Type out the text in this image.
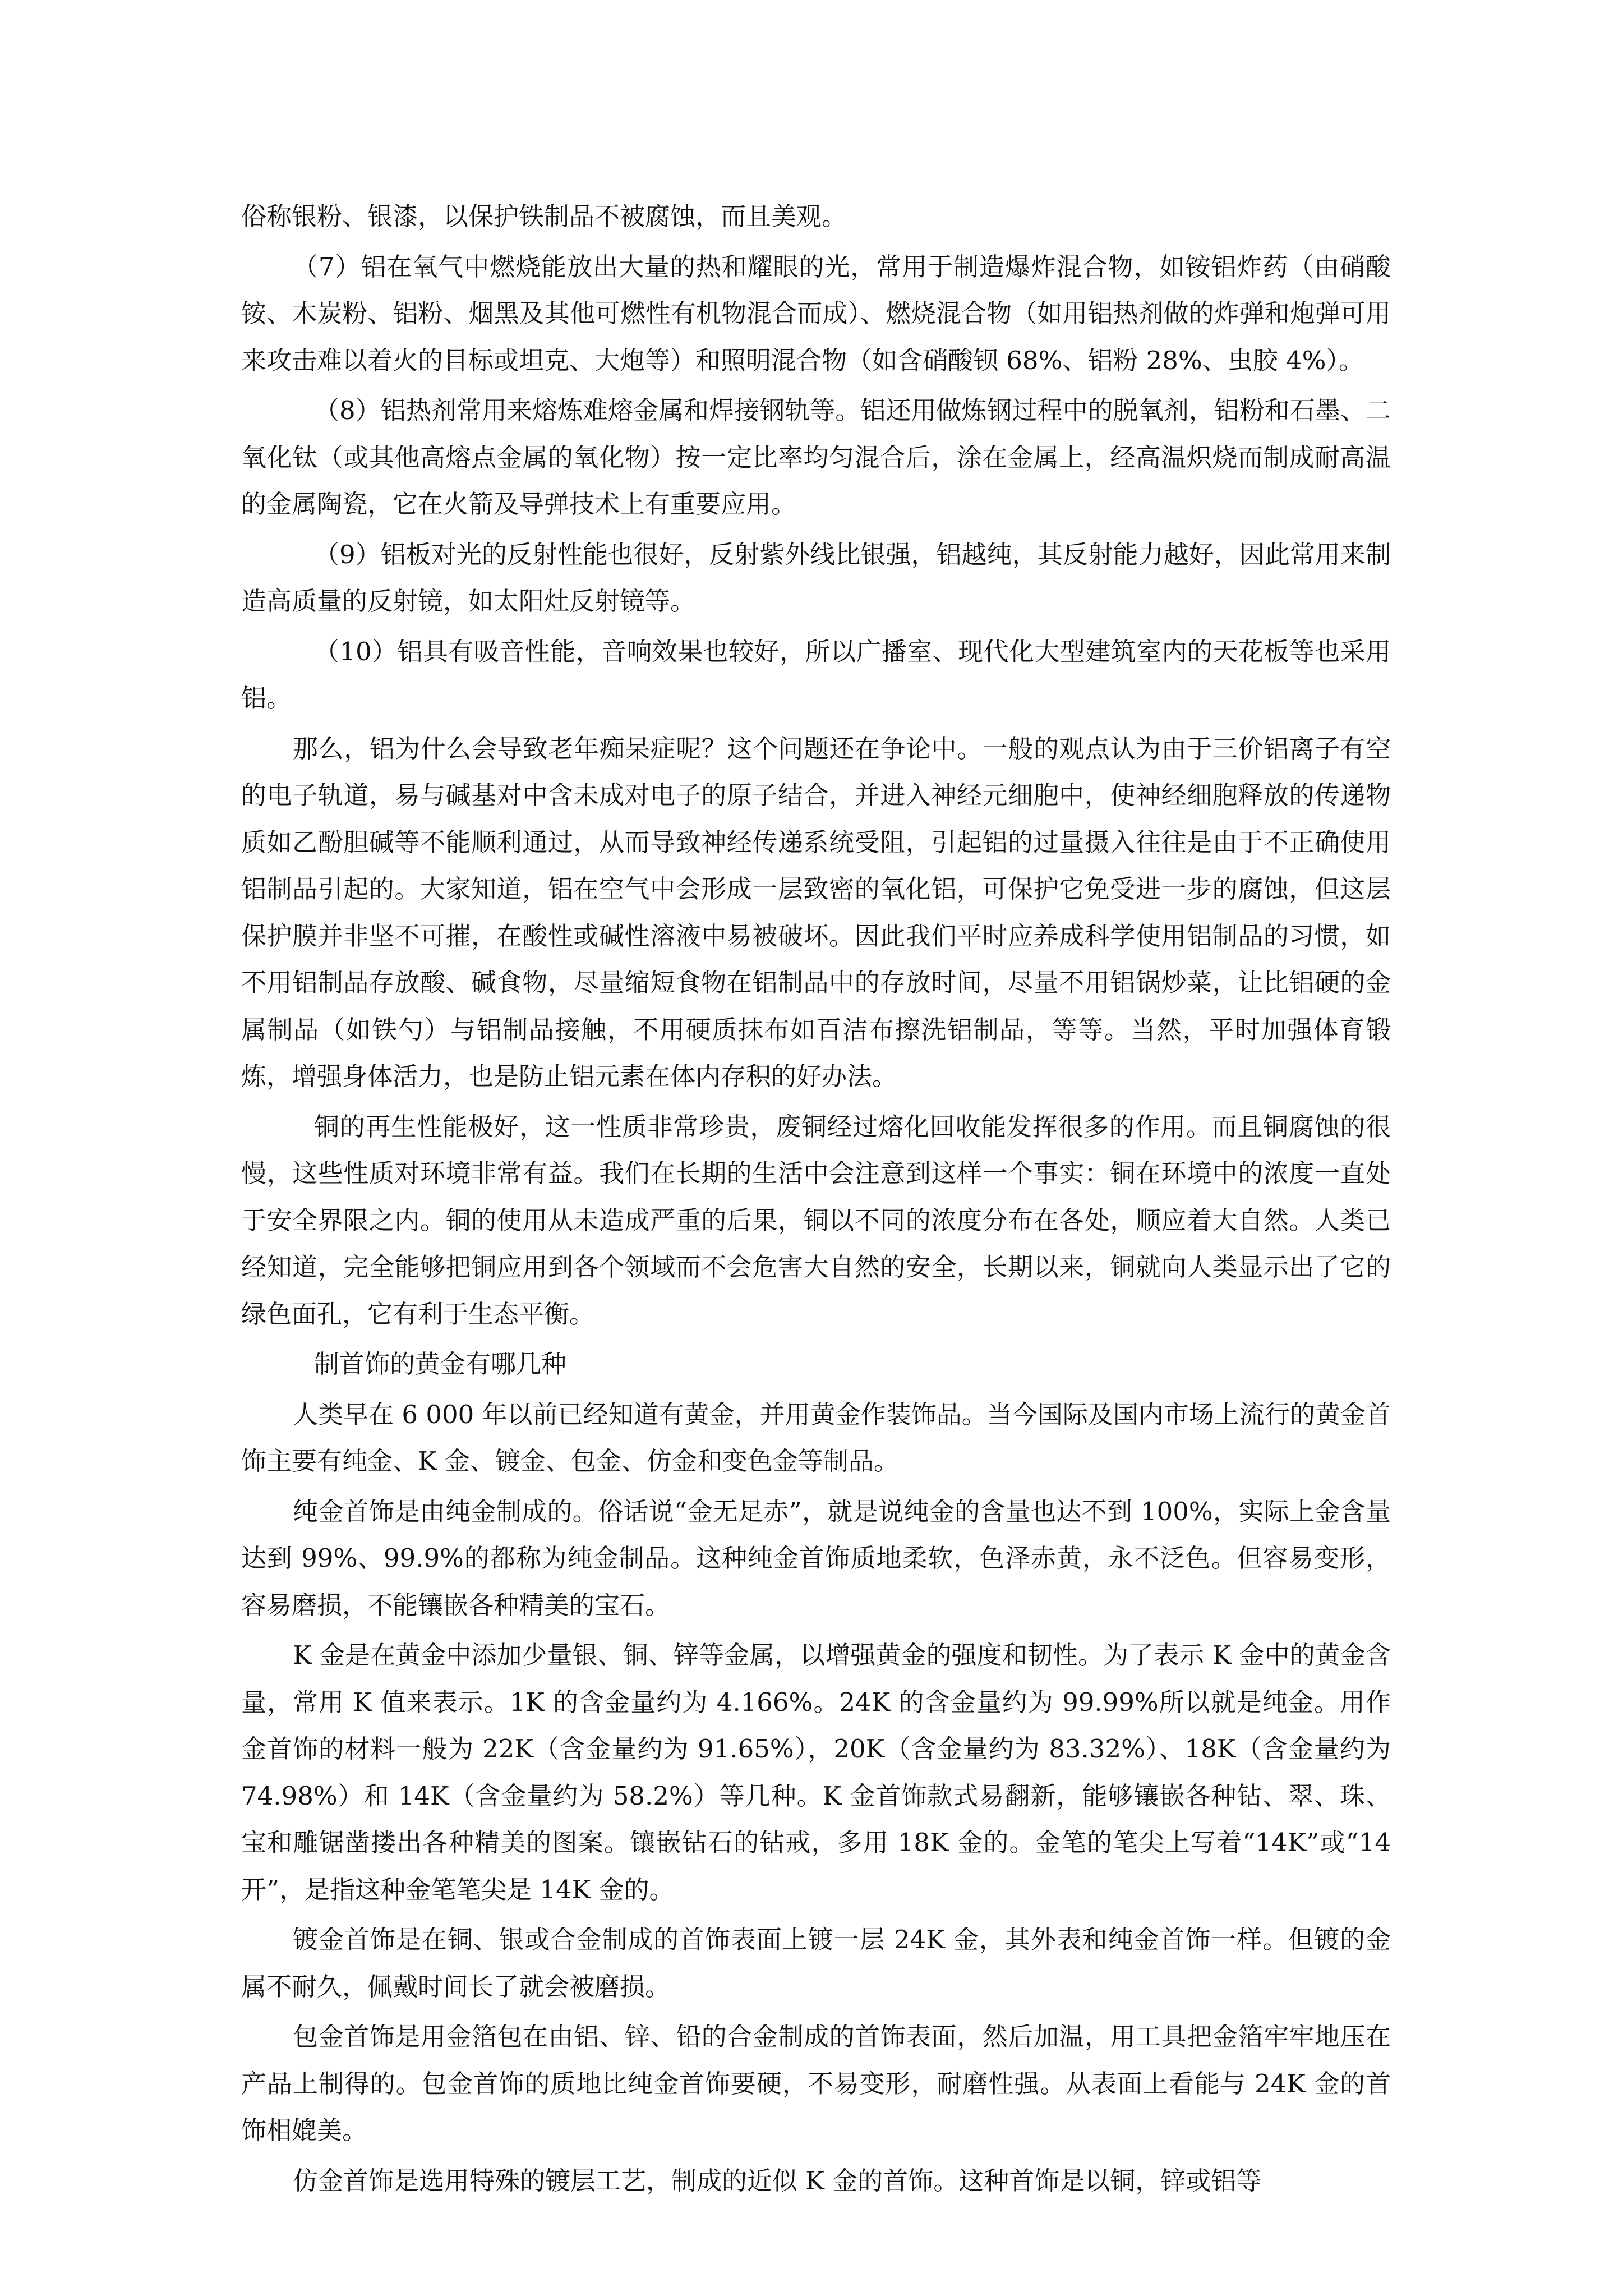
俗称银粉、银漆，以保护铁制品不被腐蚀，而且美观。

（7）铝在氧气中燃烧能放出大量的热和耀眼的光，常用于制造爆炸混合物，如铵铝炸药（由硝酸铵、木炭粉、铝粉、烟黑及其他可燃性有机物混合而成）、燃烧混合物（如用铝热剂做的炸弹和炮弹可用来攻击难以着火的目标或坦克、大炮等）和照明混合物（如含硝酸钡 68%、铝粉 28%、虫胶 4%）。

（8）铝热剂常用来熔炼难熔金属和焊接钢轨等。铝还用做炼钢过程中的脱氧剂，铝粉和石墨、二氧化钛（或其他高熔点金属的氧化物）按一定比率均匀混合后，涂在金属上，经高温炽烧而制成耐高温的金属陶瓷，它在火箭及导弹技术上有重要应用。

（9）铝板对光的反射性能也很好，反射紫外线比银强，铝越纯，其反射能力越好，因此常用来制造高质量的反射镜，如太阳灶反射镜等。

（10）铝具有吸音性能，音响效果也较好，所以广播室、现代化大型建筑室内的天花板等也采用铝。

那么，铝为什么会导致老年痴呆症呢？这个问题还在争论中。一般的观点认为由于三价铝离子有空的电子轨道，易与碱基对中含未成对电子的原子结合，并进入神经元细胞中，使神经细胞释放的传递物质如乙酚胆碱等不能顺利通过，从而导致神经传递系统受阻，引起铝的过量摄入往往是由于不正确使用铝制品引起的。大家知道，铝在空气中会形成一层致密的氧化铝，可保护它免受进一步的腐蚀，但这层保护膜并非坚不可摧，在酸性或碱性溶液中易被破坏。因此我们平时应养成科学使用铝制品的习惯，如不用铝制品存放酸、碱食物，尽量缩短食物在铝制品中的存放时间，尽量不用铝锅炒菜，让比铝硬的金属制品（如铁勺）与铝制品接触，不用硬质抹布如百洁布擦洗铝制品，等等。当然，平时加强体育锻炼，增强身体活力，也是防止铝元素在体内存积的好办法。

铜的再生性能极好，这一性质非常珍贵，废铜经过熔化回收能发挥很多的作用。而且铜腐蚀的很慢，这些性质对环境非常有益。我们在长期的生活中会注意到这样一个事实：铜在环境中的浓度一直处于安全界限之内。铜的使用从未造成严重的后果，铜以不同的浓度分布在各处，顺应着大自然。人类已经知道，完全能够把铜应用到各个领域而不会危害大自然的安全，长期以来，铜就向人类显示出了它的绿色面孔，它有利于生态平衡。

制首饰的黄金有哪几种

人类早在 6 000 年以前已经知道有黄金，并用黄金作装饰品。当今国际及国内市场上流行的黄金首饰主要有纯金、K 金、镀金、包金、仿金和变色金等制品。

纯金首饰是由纯金制成的。俗话说“金无足赤”，就是说纯金的含量也达不到 100%，实际上金含量达到 99%、99.9%的都称为纯金制品。这种纯金首饰质地柔软，色泽赤黄，永不泛色。但容易变形，容易磨损，不能镶嵌各种精美的宝石。

K 金是在黄金中添加少量银、铜、锌等金属，以增强黄金的强度和韧性。为了表示 K 金中的黄金含量，常用 K 值来表示。1K 的含金量约为 4.166%。24K 的含金量约为 99.99%所以就是纯金。用作金首饰的材料一般为 22K（含金量约为 91.65%），20K（含金量约为 83.32%）、18K（含金量约为 74.98%）和 14K（含金量约为 58.2%）等几种。K 金首饰款式易翻新，能够镶嵌各种钻、翠、珠、宝和雕锯凿搂出各种精美的图案。镶嵌钻石的钻戒，多用 18K 金的。金笔的笔尖上写着“14K”或“14 开”，是指这种金笔笔尖是 14K 金的。

镀金首饰是在铜、银或合金制成的首饰表面上镀一层 24K 金，其外表和纯金首饰一样。但镀的金属不耐久，佩戴时间长了就会被磨损。

包金首饰是用金箔包在由铝、锌、铅的合金制成的首饰表面，然后加温，用工具把金箔牢牢地压在产品上制得的。包金首饰的质地比纯金首饰要硬，不易变形，耐磨性强。从表面上看能与 24K 金的首饰相媲美。

仿金首饰是选用特殊的镀层工艺，制成的近似 K 金的首饰。这种首饰是以铜，锌或铝等
